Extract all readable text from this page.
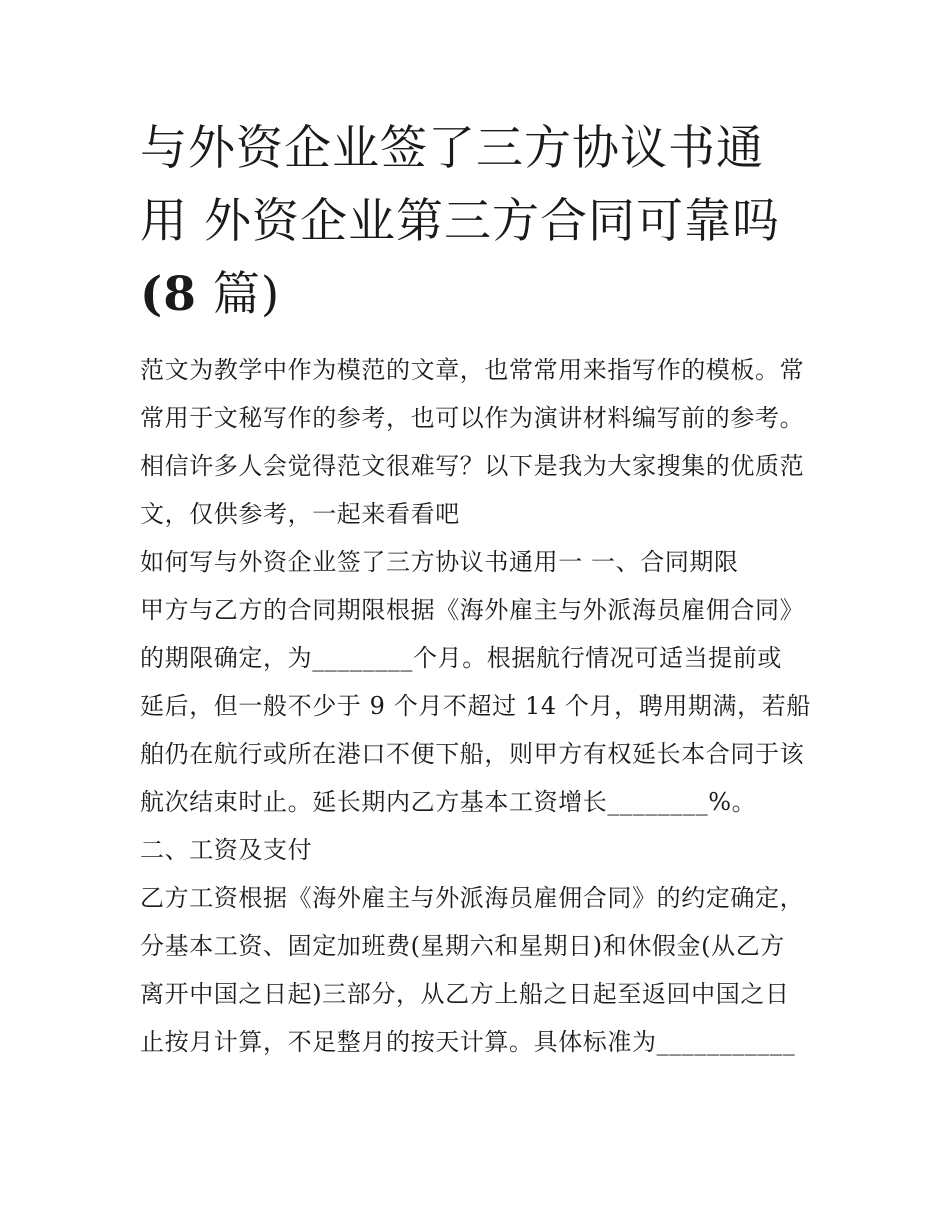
与外资企业签了三方协议书通
用 外资企业第三方合同可靠吗
(8 篇)
范文为教学中作为模范的文章，也常常用来指写作的模板。常
常用于文秘写作的参考，也可以作为演讲材料编写前的参考。
相信许多人会觉得范文很难写？以下是我为大家搜集的优质范
文，仅供参考，一起来看看吧
如何写与外资企业签了三方协议书通用一 一、合同期限
甲方与乙方的合同期限根据《海外雇主与外派海员雇佣合同》
的期限确定，为________个月。根据航行情况可适当提前或
延后，但一般不少于 9 个月不超过 14 个月，聘用期满，若船
舶仍在航行或所在港口不便下船，则甲方有权延长本合同于该
航次结束时止。延长期内乙方基本工资增长________%。
二、工资及支付
乙方工资根据《海外雇主与外派海员雇佣合同》的约定确定，
分基本工资、固定加班费(星期六和星期日)和休假金(从乙方
离开中国之日起)三部分，从乙方上船之日起至返回中国之日
止按月计算，不足整月的按天计算。具体标准为___________
